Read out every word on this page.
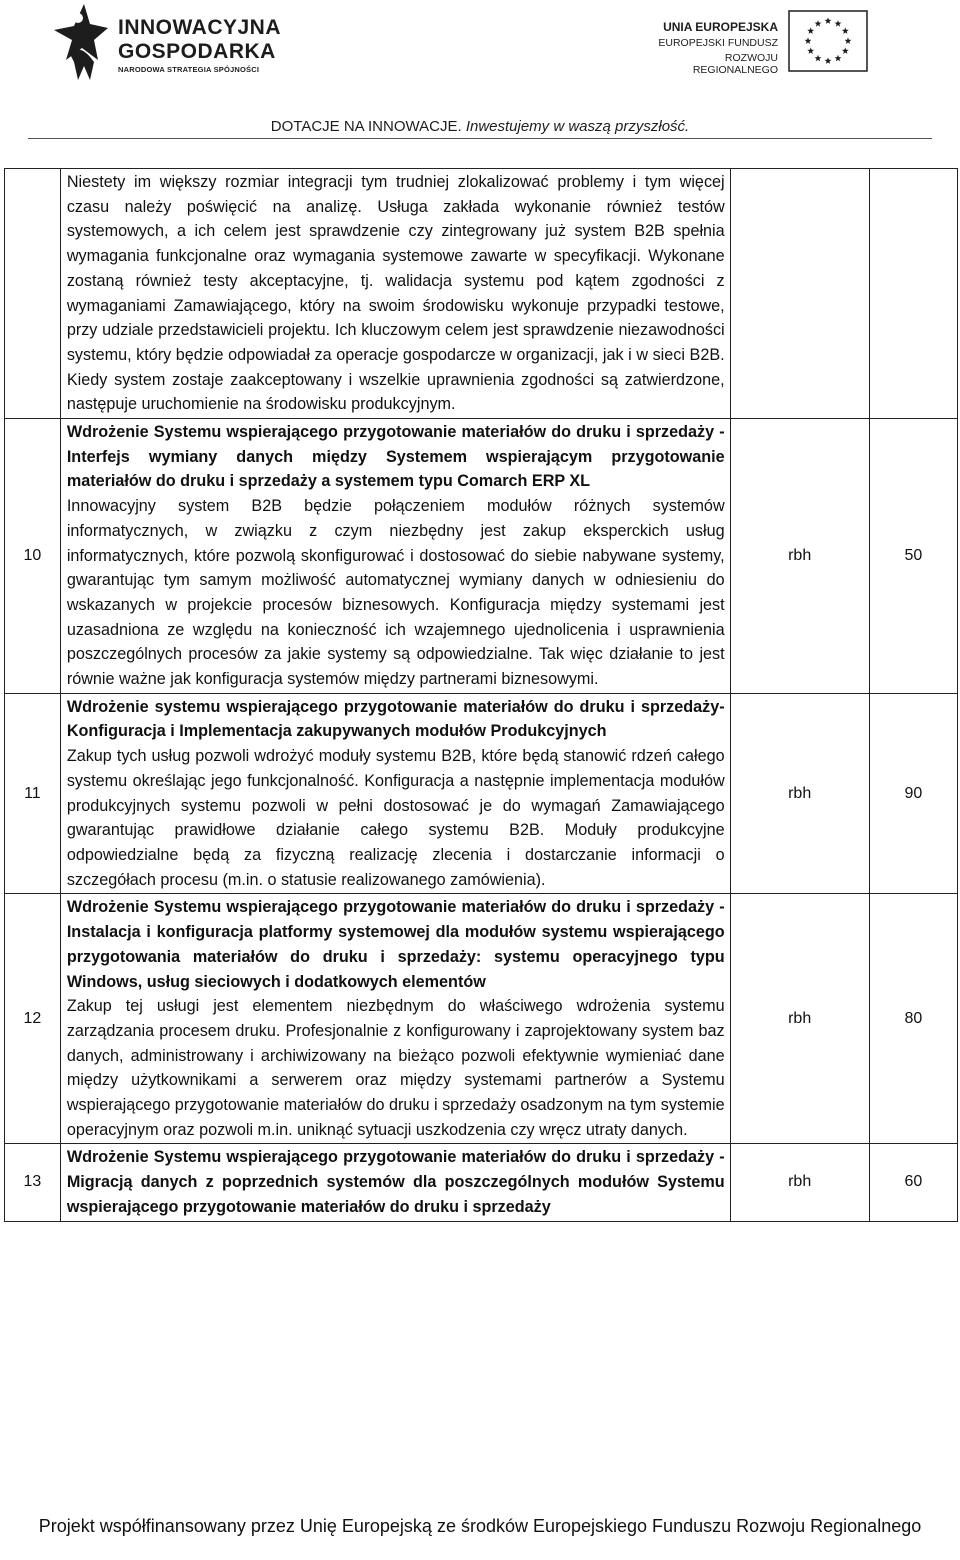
INNOWACYJNA
GOSPODARKA
NARODOWA STRATEGIA SPÓJNOŚCI
UNIA EUROPEJSKA
EUROPEJSKI FUNDUSZ
ROZWOJU REGIONALNEGO
DOTACJE NA INNOWACJE. Inwestujemy w waszą przyszłość.

	Niestety im większy rozmiar integracji tym trudniej zlokalizować problemy i tym więcej czasu należy poświęcić na analizę. Usługa zakłada wykonanie również testów systemowych, a ich celem jest sprawdzenie czy zintegrowany już system B2B spełnia wymagania funkcjonalne oraz wymagania systemowe zawarte w specyfikacji. Wykonane zostaną również testy akceptacyjne, tj. walidacja systemu pod kątem zgodności z wymaganiami Zamawiającego, który na swoim środowisku wykonuje przypadki testowe, przy udziale przedstawicieli projektu. Ich kluczowym celem jest sprawdzenie niezawodności systemu, który będzie odpowiadał za operacje gospodarcze w organizacji, jak i w sieci B2B. Kiedy system zostaje zaakceptowany i wszelkie uprawnienia zgodności są zatwierdzone, następuje uruchomienie na środowisku produkcyjnym.		

10	Wdrożenie Systemu wspierającego przygotowanie materiałów do druku i sprzedaży - Interfejs wymiany danych między Systemem wspierającym przygotowanie materiałów do druku i sprzedaży a systemem typu Comarch ERP XL

Innowacyjny system B2B będzie połączeniem modułów różnych systemów informatycznych, w związku z czym niezbędny jest zakup eksperckich usług informatycznych, które pozwolą skonfigurować i dostosować do siebie nabywane systemy, gwarantując tym samym możliwość automatycznej wymiany danych w odniesieniu do wskazanych w projekcie procesów biznesowych. Konfiguracja między systemami jest uzasadniona ze względu na konieczność ich wzajemnego ujednolicenia i usprawnienia poszczególnych procesów za jakie systemy są odpowiedzialne. Tak więc działanie to jest równie ważne jak konfiguracja systemów między partnerami biznesowymi.	rbh	50
11	Wdrożenie systemu wspierającego przygotowanie materiałów do druku i sprzedaży- Konfiguracja i Implementacja zakupywanych modułów Produkcyjnych

Zakup tych usług pozwoli wdrożyć moduły systemu B2B, które będą stanowić rdzeń całego systemu określając jego funkcjonalność. Konfiguracja a następnie implementacja modułów produkcyjnych systemu pozwoli w pełni dostosować je do wymagań Zamawiającego gwarantując prawidłowe działanie całego systemu B2B. Moduły produkcyjne odpowiedzialne będą za fizyczną realizację zlecenia i dostarczanie informacji o szczegółach procesu (m.in. o statusie realizowanego zamówienia).	rbh	90
12	Wdrożenie Systemu wspierającego przygotowanie materiałów do druku i sprzedaży - Instalacja i konfiguracja platformy systemowej dla modułów systemu wspierającego przygotowania materiałów do druku i sprzedaży: systemu operacyjnego typu Windows, usług sieciowych i dodatkowych elementów

Zakup tej usługi jest elementem niezbędnym do właściwego wdrożenia systemu zarządzania procesem druku. Profesjonalnie z konfigurowany i zaprojektowany system baz danych, administrowany i archiwizowany na bieżąco pozwoli efektywnie wymieniać dane między użytkownikami a serwerem oraz między systemami partnerów a Systemu wspierającego przygotowanie materiałów do druku i sprzedaży osadzonym na tym systemie operacyjnym oraz pozwoli m.in. uniknąć sytuacji uszkodzenia czy wręcz utraty danych.	rbh	80
13	Wdrożenie Systemu wspierającego przygotowanie materiałów do druku i sprzedaży - Migracją danych z poprzednich systemów dla poszczególnych modułów Systemu wspierającego przygotowanie materiałów do druku i sprzedaży	rbh	60
Projekt współfinansowany przez Unię Europejską ze środków Europejskiego Funduszu Rozwoju Regionalnego
